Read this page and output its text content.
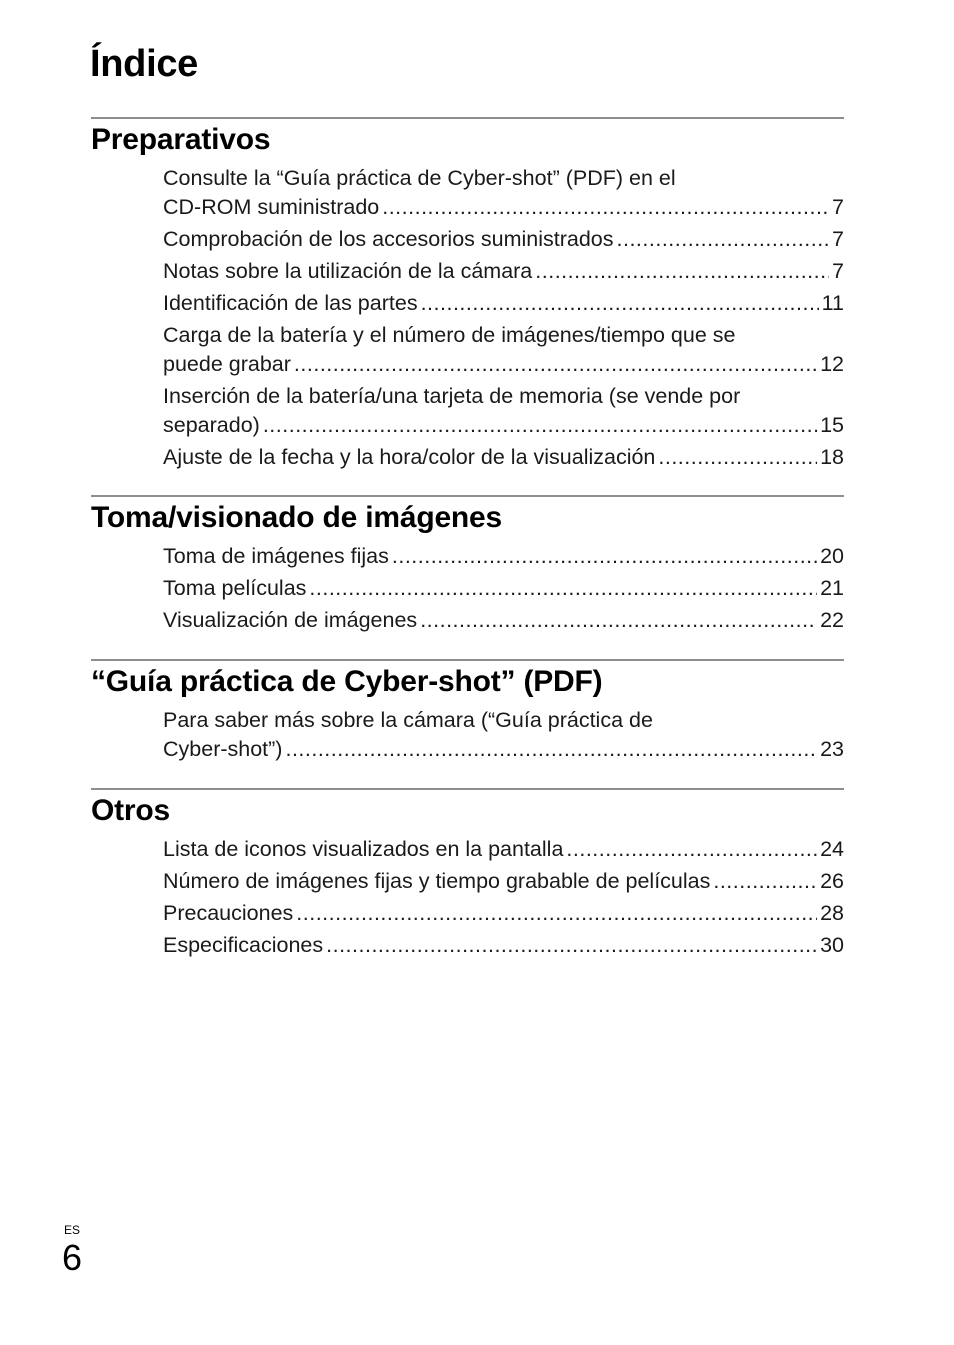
Índice
Preparativos
Consulte la “Guía práctica de Cyber-shot” (PDF) en el
CD-ROM suministrado .....	7
Comprobación de los accesorios suministrados .....	7
Notas sobre la utilización de la cámara .....	7
Identificación de las partes .....	11
Carga de la batería y el número de imágenes/tiempo que se
puede grabar .....	12
Inserción de la batería/una tarjeta de memoria (se vende por
separado) .....	15
Ajuste de la fecha y la hora/color de la visualización .....	18
Toma/visionado de imágenes
Toma de imágenes fijas .....	20
Toma películas .....	21
Visualización de imágenes .....	22
“Guía práctica de Cyber-shot” (PDF)
Para saber más sobre la cámara (“Guía práctica de
Cyber-shot”) .....	23
Otros
Lista de iconos visualizados en la pantalla .....	24
Número de imágenes fijas y tiempo grabable de películas .....	26
Precauciones .....	28
Especificaciones .....	30
ES
6
